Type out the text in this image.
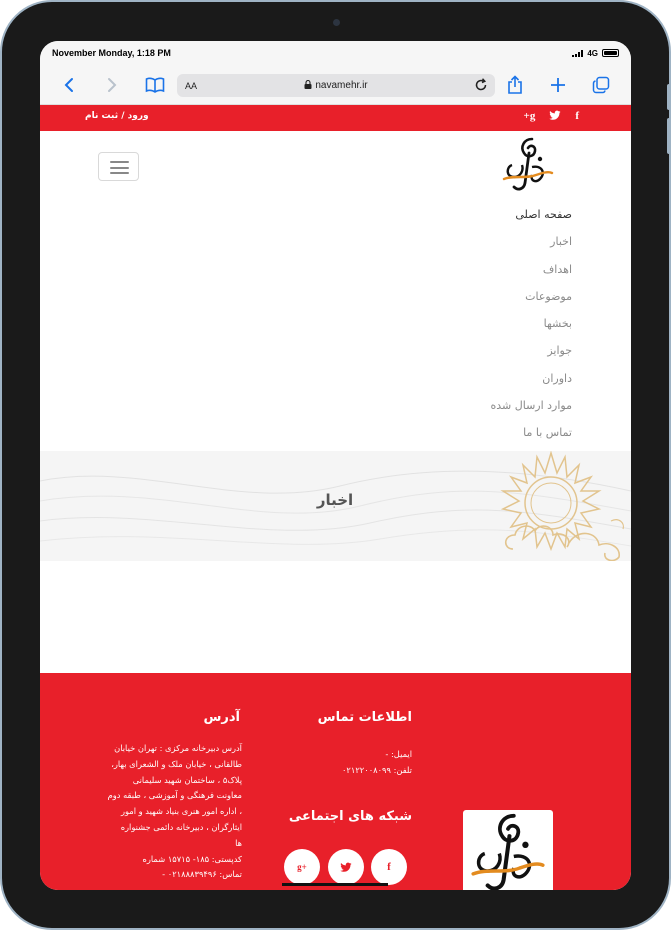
November Monday, 1:18 PM	4G
AA	navamehr.ir
ورود / ثبت نام	f
g+
صفحه اصلی
اخبار
اهداف
موضوعات
بخشها
جوایز
داوران
موارد ارسال شده
تماس با ما
اخبار
آدرس
آدرس دبیرخانه مرکزی : تهران خیابان
طالقانی ، خیابان ملک و الشعرای بهار،
پلاک۵ ، ساختمان شهید سلیمانی
معاونت فرهنگی و آموزشی ، طبقه دوم
، اداره امور هنری بنیاد شهید و امور
ایثارگران ، دبیرخانه دائمی جشنواره
ها
کدپستی: ۱۸۵- ۱۵۷۱۵ شماره
تماس: ۰۲۱۸۸۸۳۹۴۹۶ -
اطلاعات تماس
ایمیل: -
تلفن: ۰۲۱۲۲۰۰۸۰۹۹
شبکه های اجتماعی
f
g+
